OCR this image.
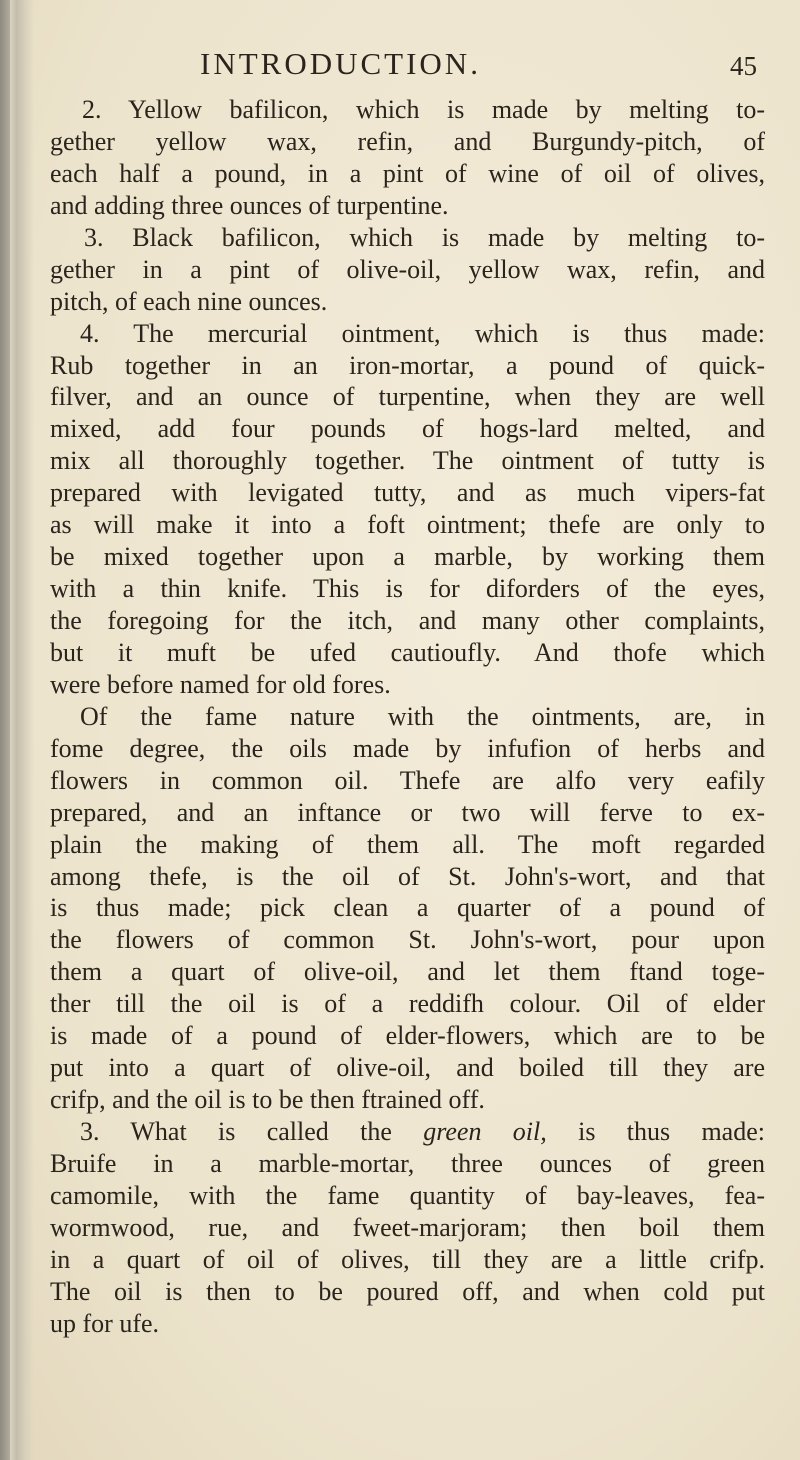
INTRODUCTION.	45
2. Yellow bafilicon, which is made by melting to-
gether yellow wax, refin, and Burgundy-pitch, of
each half a pound, in a pint of wine of oil of olives,
and adding three ounces of turpentine.
3. Black bafilicon, which is made by melting to-
gether in a pint of olive-oil, yellow wax, refin, and
pitch, of each nine ounces.
4. The mercurial ointment, which is thus made:
Rub together in an iron-mortar, a pound of quick-
filver, and an ounce of turpentine, when they are well
mixed, add four pounds of hogs-lard melted, and
mix all thoroughly together. The ointment of tutty is
prepared with levigated tutty, and as much vipers-fat
as will make it into a foft ointment; thefe are only to
be mixed together upon a marble, by working them
with a thin knife. This is for diforders of the eyes,
the foregoing for the itch, and many other complaints,
but it muft be ufed cautioufly. And thofe which
were before named for old fores.
Of the fame nature with the ointments, are, in
fome degree, the oils made by infufion of herbs and
flowers in common oil. Thefe are alfo very eafily
prepared, and an inftance or two will ferve to ex-
plain the making of them all. The moft regarded
among thefe, is the oil of St. John's-wort, and that
is thus made; pick clean a quarter of a pound of
the flowers of common St. John's-wort, pour upon
them a quart of olive-oil, and let them ftand toge-
ther till the oil is of a reddifh colour. Oil of elder
is made of a pound of elder-flowers, which are to be
put into a quart of olive-oil, and boiled till they are
crifp, and the oil is to be then ftrained off.
3. What is called the green oil, is thus made:
Bruife in a marble-mortar, three ounces of green
camomile, with the fame quantity of bay-leaves, fea-
wormwood, rue, and fweet-marjoram; then boil them
in a quart of oil of olives, till they are a little crifp.
The oil is then to be poured off, and when cold put
up for ufe.
